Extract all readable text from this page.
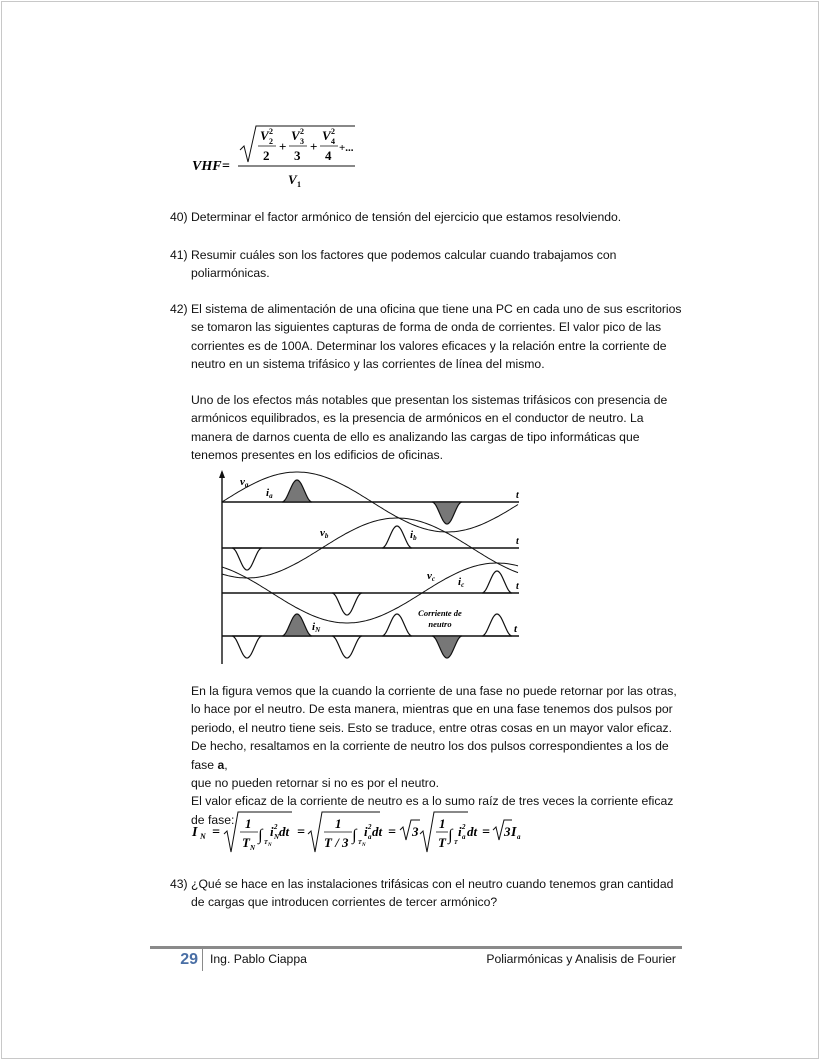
VHF =
V 2
2
2
+
V 3
2
3
+
V 4
2
4 +...
V 1
40) Determinar el factor armónico de tensión del ejercicio que estamos resolviendo.
41) Resumir cuáles son los factores que podemos calcular cuando trabajamos con poliarmónicas.
42) El sistema de alimentación de una oficina que tiene una PC en cada uno de sus escritorios se tomaron las siguientes capturas de forma de onda de corrientes. El valor pico de las corrientes es de 100A. Determinar los valores eficaces y la relación entre la corriente de neutro en un sistema trifásico y las corrientes de línea del mismo.
Uno de los efectos más notables que presentan los sistemas trifásicos con presencia de armónicos equilibrados, es la presencia de armónicos en el conductor de neutro. La manera de darnos cuenta de ello es analizando las cargas de tipo informáticas que tenemos presentes en los edificios de oficinas.
va
ia
vb	ib
vc ic
iN
Corriente de
neutro
t
t
t
t
En la figura vemos que la cuando la corriente de una fase no puede retornar por las otras, lo hace por el neutro. De esta manera, mientras que en una fase tenemos dos pulsos por periodo, el neutro tiene seis. Esto se traduce, entre otras cosas en un mayor valor eficaz. De hecho, resaltamos en la corriente de neutro los dos pulsos correspondientes a los de fase a,
que no pueden retornar si no es por el neutro.
El valor eficaz de la corriente de neutro es a lo sumo raíz de tres veces la corriente eficaz de fase:
I N =
1
T N
∫ T N
i 2
N dt =
1
T / 3 ∫ T N
i 2
a dt = 3
1
T ∫ T
i 2
a dt = 3 I a
43) ¿Qué se hace en las instalaciones trifásicas con el neutro cuando tenemos gran cantidad de cargas que introducen corrientes de tercer armónico?
29 Ing. Pablo Ciappa	Poliarmónicas y Analisis de Fourier
